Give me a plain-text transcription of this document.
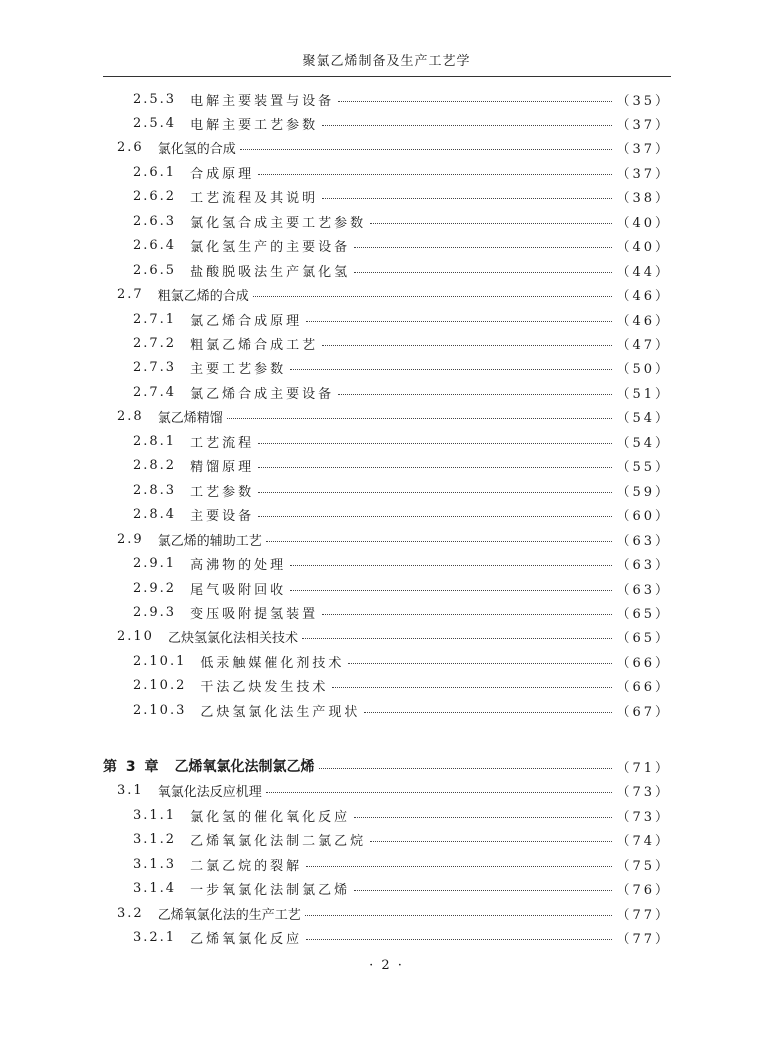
聚氯乙烯制备及生产工艺学
2.5.3 电解主要装置与设备	（35）
2.5.4 电解主要工艺参数	（37）
2.6 氯化氢的合成	（37）
2.6.1 合成原理	（37）
2.6.2 工艺流程及其说明	（38）
2.6.3 氯化氢合成主要工艺参数	（40）
2.6.4 氯化氢生产的主要设备	（40）
2.6.5 盐酸脱吸法生产氯化氢	（44）
2.7 粗氯乙烯的合成	（46）
2.7.1 氯乙烯合成原理	（46）
2.7.2 粗氯乙烯合成工艺	（47）
2.7.3 主要工艺参数	（50）
2.7.4 氯乙烯合成主要设备	（51）
2.8 氯乙烯精馏	（54）
2.8.1 工艺流程	（54）
2.8.2 精馏原理	（55）
2.8.3 工艺参数	（59）
2.8.4 主要设备	（60）
2.9 氯乙烯的辅助工艺	（63）
2.9.1 高沸物的处理	（63）
2.9.2 尾气吸附回收	（63）
2.9.3 变压吸附提氢装置	（65）
2.10 乙炔氢氯化法相关技术	（65）
2.10.1 低汞触媒催化剂技术	（66）
2.10.2 干法乙炔发生技术	（66）
2.10.3 乙炔氢氯化法生产现状	（67）
第 3 章 乙烯氧氯化法制氯乙烯	（71）
3.1 氧氯化法反应机理	（73）
3.1.1 氯化氢的催化氧化反应	（73）
3.1.2 乙烯氧氯化法制二氯乙烷	（74）
3.1.3 二氯乙烷的裂解	（75）
3.1.4 一步氧氯化法制氯乙烯	（76）
3.2 乙烯氧氯化法的生产工艺	（77）
3.2.1 乙烯氧氯化反应	（77）
· 2 ·
